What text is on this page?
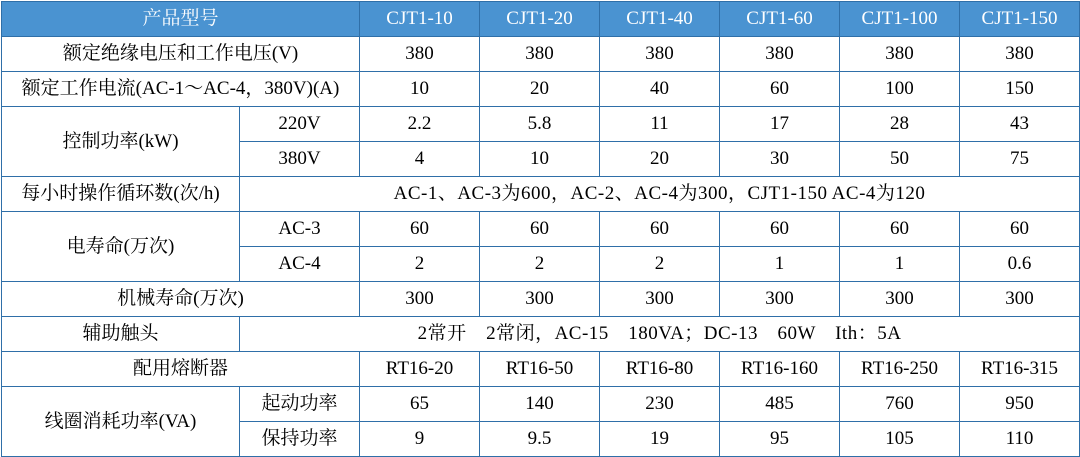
产品型号		CJT1-10	CJT1-20	CJT1-40	CJT1-60	CJT1-100	CJT1-150
额定绝缘电压和工作电压(V)		380	380	380	380	380	380
额定工作电流(AC-1～AC-4，380V)(A)		10	20	40	60	100	150
控制功率(kW)	220V	2.2	5.8	11	17	28	43
	380V	4	10	20	30	50	75
每小时操作循环数(次/h)	AC-1、AC-3为600，AC-2、AC-4为300，CJT1-150 AC-4为120						
电寿命(万次)	AC-3	60	60	60	60	60	60
	AC-4	2	2	2	1	1	0.6
机械寿命(万次)		300	300	300	300	300	300
辅助触头	2常开　2常闭，AC-15　180VA；DC-13　60W　Ith：5A						
配用熔断器		RT16-20	RT16-50	RT16-80	RT16-160	RT16-250	RT16-315
线圈消耗功率(VA)	起动功率	65	140	230	485	760	950
	保持功率	9	9.5	19	95	105	110
